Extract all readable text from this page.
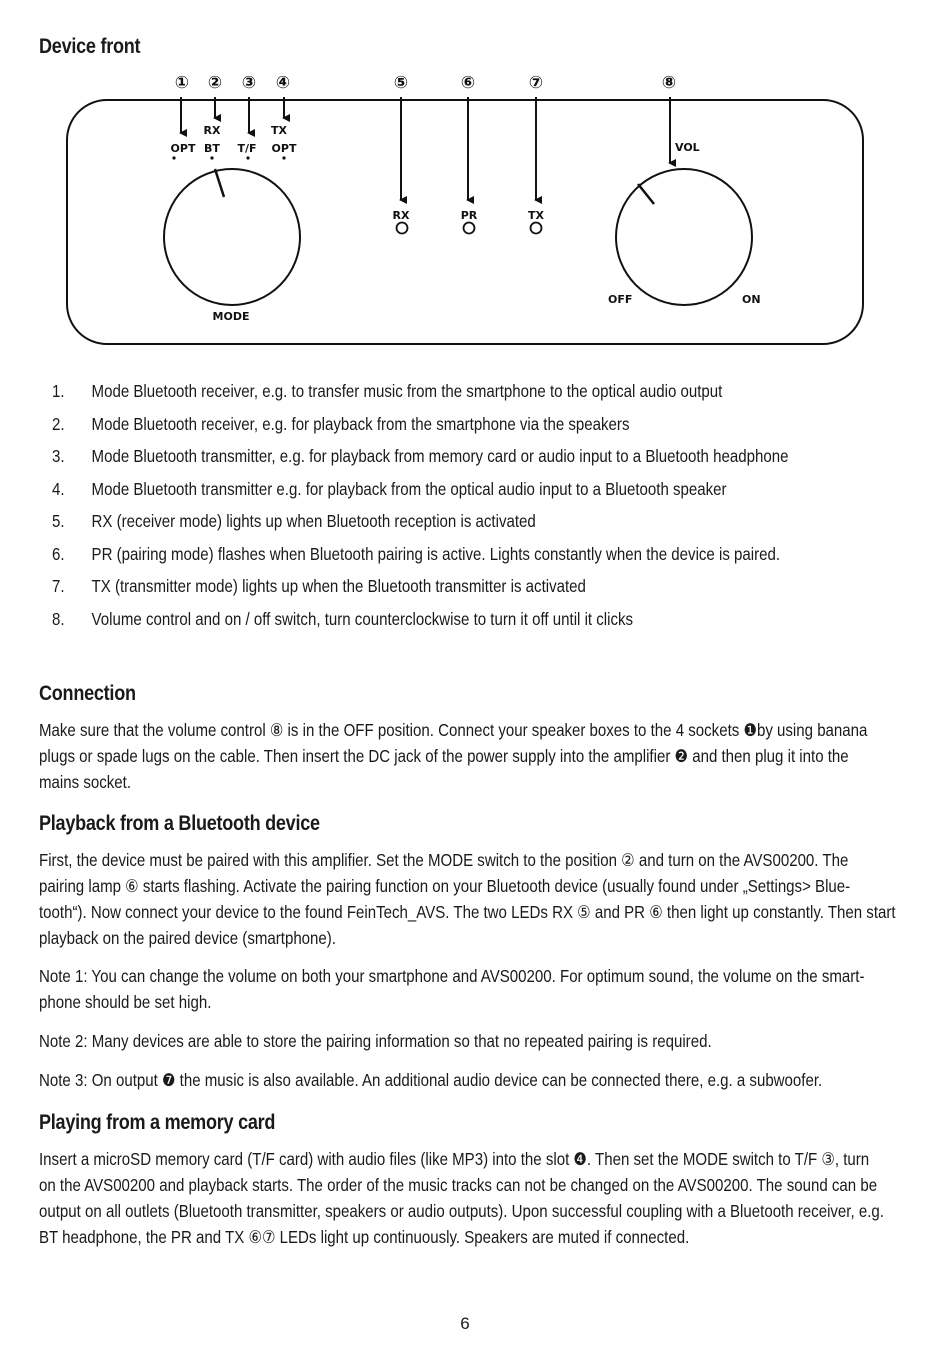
Device front
① ② ③ ④	⑤	⑥	⑦	⑧
RX	TX
OPT BT T/F OPT
MODE
RX	PR	TX
VOL
OFF	ON
1. Mode Bluetooth receiver, e.g. to transfer music from the smartphone to the optical audio output
2. Mode Bluetooth receiver, e.g. for playback from the smartphone via the speakers
3. Mode Bluetooth transmitter, e.g. for playback from memory card or audio input to a Bluetooth headphone
4. Mode Bluetooth transmitter e.g. for playback from the optical audio input to a Bluetooth speaker
5. RX (receiver mode) lights up when Bluetooth reception is activated
6. PR (pairing mode) flashes when Bluetooth pairing is active. Lights constantly when the device is paired.
7. TX (transmitter mode) lights up when the Bluetooth transmitter is activated
8. Volume control and on / off switch, turn counterclockwise to turn it off until it clicks
Connection
Make sure that the volume control ⑧ is in the OFF position. Connect your speaker boxes to the 4 sockets ❶by using banana
plugs or spade lugs on the cable. Then insert the DC jack of the power supply into the amplifier ❷ and then plug it into the
mains socket.
Playback from a Bluetooth device
First, the device must be paired with this amplifier. Set the MODE switch to the position ② and turn on the AVS00200. The
pairing lamp ⑥ starts flashing. Activate the pairing function on your Bluetooth device (usually found under „Settings> Blue-
tooth“). Now connect your device to the found FeinTech_AVS. The two LEDs RX ⑤ and PR ⑥ then light up constantly. Then start
playback on the paired device (smartphone).
Note 1: You can change the volume on both your smartphone and AVS00200. For optimum sound, the volume on the smart-
phone should be set high.
Note 2: Many devices are able to store the pairing information so that no repeated pairing is required.
Note 3: On output ❼ the music is also available. An additional audio device can be connected there, e.g. a subwoofer.
Playing from a memory card
Insert a microSD memory card (T/F card) with audio files (like MP3) into the slot ❹. Then set the MODE switch to T/F ③, turn
on the AVS00200 and playback starts. The order of the music tracks can not be changed on the AVS00200. The sound can be
output on all outlets (Bluetooth transmitter, speakers or audio outputs). Upon successful coupling with a Bluetooth receiver, e.g.
BT headphone, the PR and TX ⑥⑦ LEDs light up continuously. Speakers are muted if connected.
6
